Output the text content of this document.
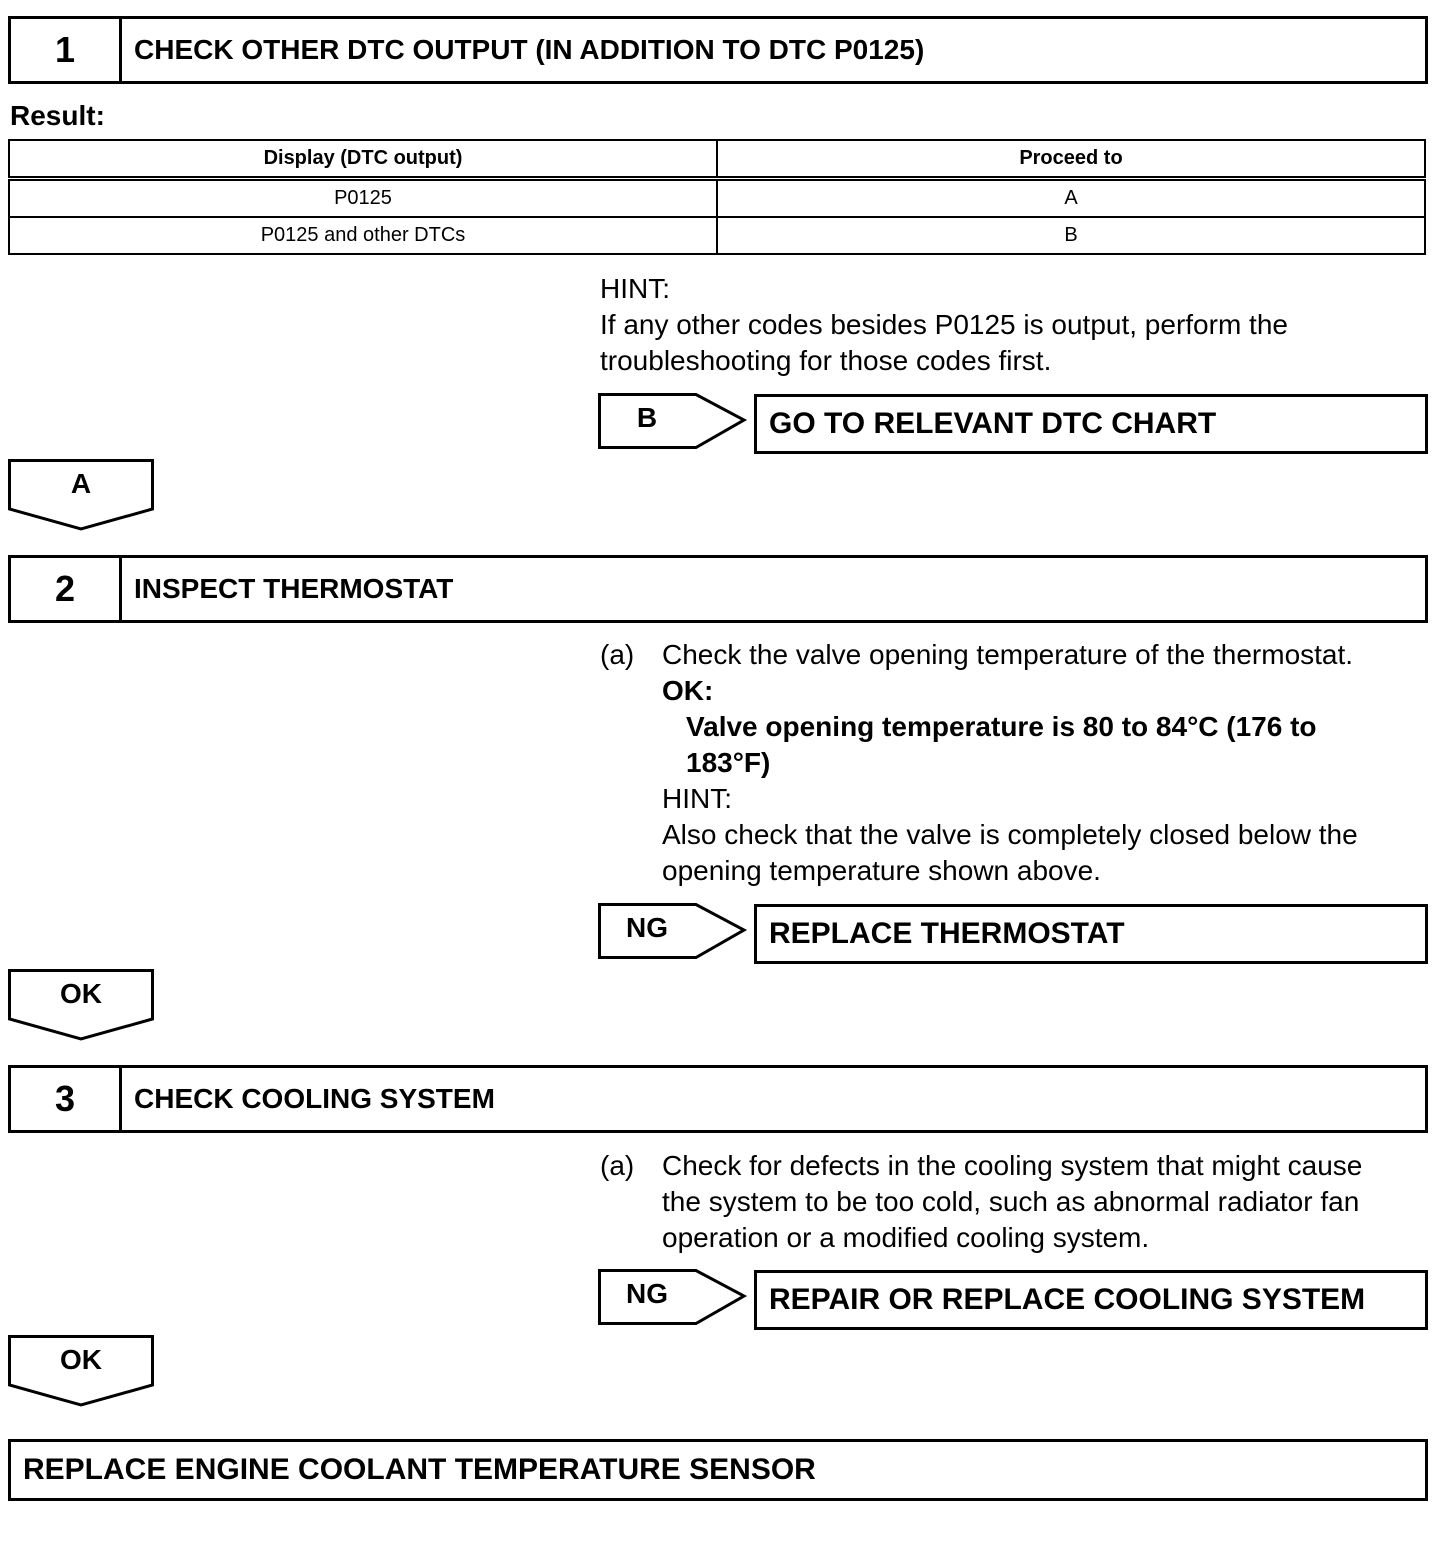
1	CHECK OTHER DTC OUTPUT (IN ADDITION TO DTC P0125)
Result:
Display (DTC output)	Proceed to
P0125	A
P0125 and other DTCs	B
HINT:
If any other codes besides P0125 is output, perform the
troubleshooting for those codes first.
B	GO TO RELEVANT DTC CHART
A
2	INSPECT THERMOSTAT
(a) Check the valve opening temperature of the thermostat.
OK:
Valve opening temperature is 80 to 84°C (176 to
183°F)
HINT:
Also check that the valve is completely closed below the
opening temperature shown above.
NG	REPLACE THERMOSTAT
OK
3	CHECK COOLING SYSTEM
(a) Check for defects in the cooling system that might cause
the system to be too cold, such as abnormal radiator fan
operation or a modified cooling system.
NG	REPAIR OR REPLACE COOLING SYSTEM
OK
REPLACE ENGINE COOLANT TEMPERATURE SENSOR
